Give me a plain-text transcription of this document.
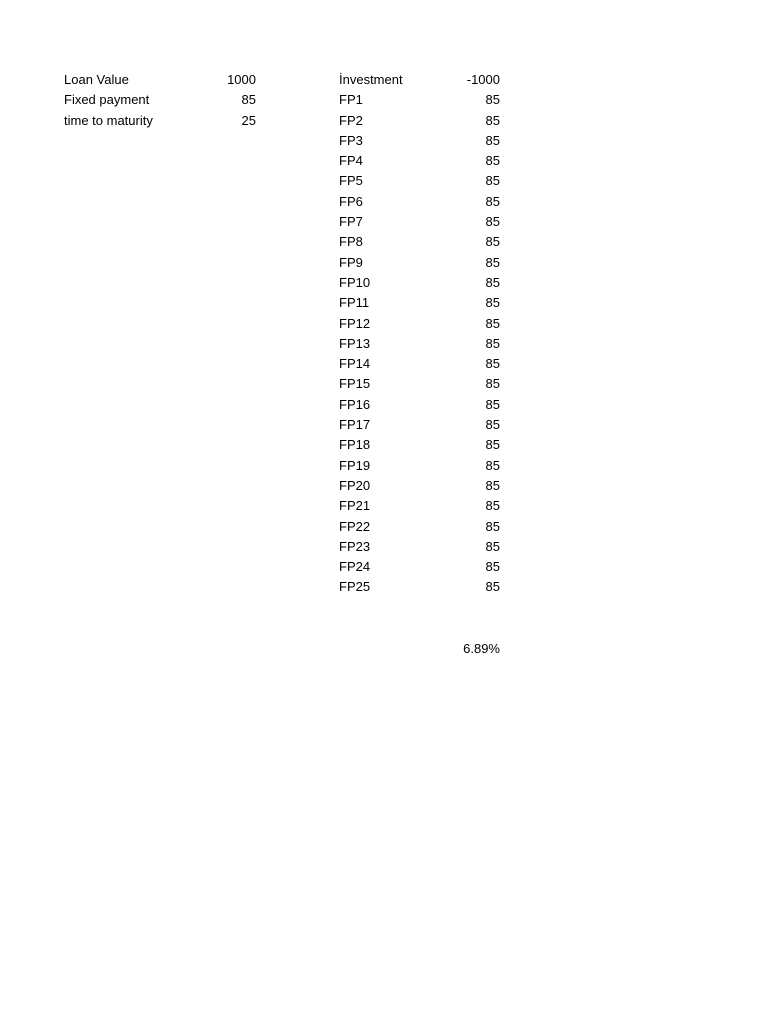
Loan Value	1000
Fixed payment	85
time to maturity	25
İnvestment	-1000
FP1	85
FP2	85
FP3	85
FP4	85
FP5	85
FP6	85
FP7	85
FP8	85
FP9	85
FP10	85
FP11	85
FP12	85
FP13	85
FP14	85
FP15	85
FP16	85
FP17	85
FP18	85
FP19	85
FP20	85
FP21	85
FP22	85
FP23	85
FP24	85
FP25	85
6.89%
